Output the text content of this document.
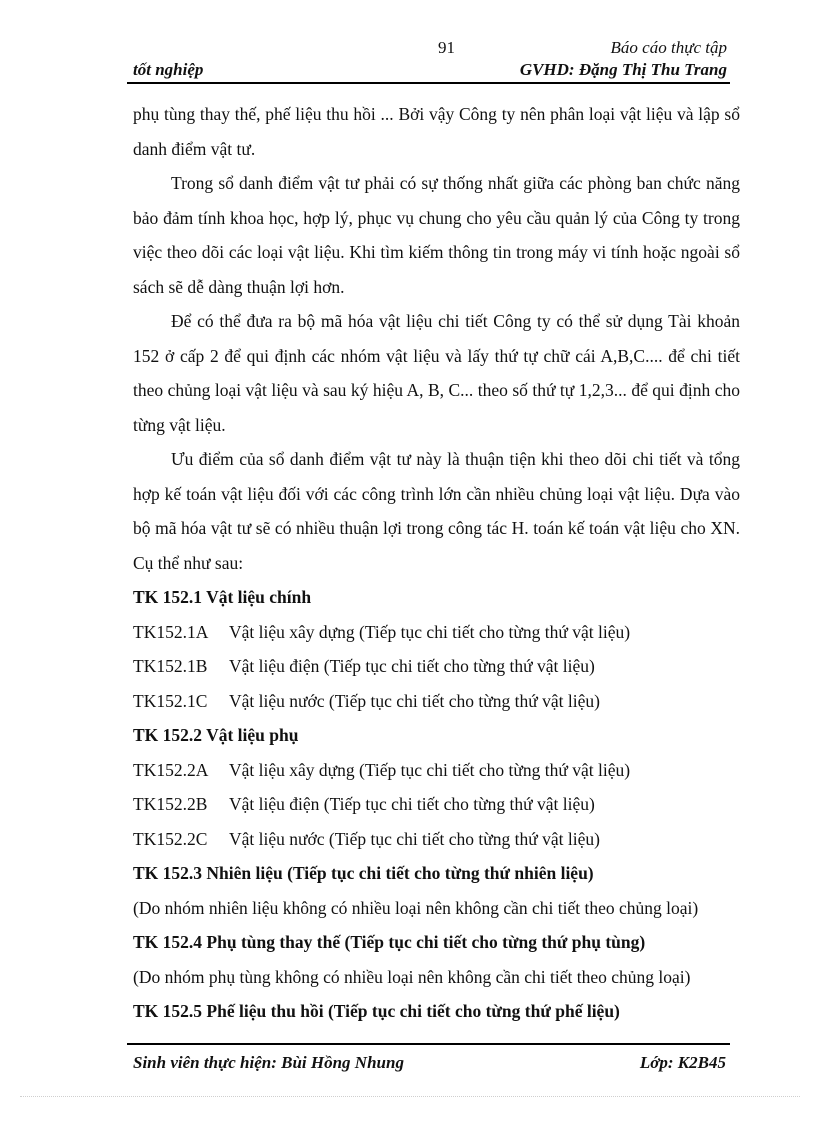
91	Báo cáo thực tập
tốt nghiệp	GVHD: Đặng Thị Thu Trang

phụ tùng thay thế, phế liệu thu hồi ... Bởi vậy Công ty nên phân loại vật liệu và lập sổ danh điểm vật tư.

Trong sổ danh điểm vật tư phải có sự thống nhất giữa các phòng ban chức năng bảo đảm tính khoa học, hợp lý, phục vụ chung cho yêu cầu quản lý của Công ty trong việc theo dõi các loại vật liệu. Khi tìm kiếm thông tin trong máy vi tính hoặc ngoài sổ sách sẽ dễ dàng thuận lợi hơn.

Để có thể đưa ra bộ mã hóa vật liệu chi tiết Công ty có thể sử dụng Tài khoản 152 ở cấp 2 để qui định các nhóm vật liệu và lấy thứ tự chữ cái A,B,C.... để chi tiết theo chủng loại vật liệu và sau ký hiệu A, B, C... theo số thứ tự 1,2,3... để qui định cho từng vật liệu.

Ưu điểm của sổ danh điểm vật tư này là thuận tiện khi theo dõi chi tiết và tổng hợp kế toán vật liệu đối với các công trình lớn cần nhiều chủng loại vật liệu. Dựa vào bộ mã hóa vật tư sẽ có nhiều thuận lợi trong công tác H. toán kế toán vật liệu cho XN. Cụ thể như sau:

TK 152.1 Vật liệu chính
TK152.1A Vật liệu xây dựng (Tiếp tục chi tiết cho từng thứ vật liệu)
TK152.1B Vật liệu điện (Tiếp tục chi tiết cho từng thứ vật liệu)
TK152.1C Vật liệu nước (Tiếp tục chi tiết cho từng thứ vật liệu)
TK 152.2 Vật liệu phụ
TK152.2A Vật liệu xây dựng (Tiếp tục chi tiết cho từng thứ vật liệu)
TK152.2B Vật liệu điện (Tiếp tục chi tiết cho từng thứ vật liệu)
TK152.2C Vật liệu nước (Tiếp tục chi tiết cho từng thứ vật liệu)
TK 152.3 Nhiên liệu (Tiếp tục chi tiết cho từng thứ nhiên liệu)
(Do nhóm nhiên liệu không có nhiều loại nên không cần chi tiết theo chủng loại)
TK 152.4 Phụ tùng thay thế (Tiếp tục chi tiết cho từng thứ phụ tùng)
(Do nhóm phụ tùng không có nhiều loại nên không cần chi tiết theo chủng loại)
TK 152.5 Phế liệu thu hồi (Tiếp tục chi tiết cho từng thứ phế liệu)
Sinh viên thực hiện: Bùi Hồng Nhung	Lớp: K2B45
